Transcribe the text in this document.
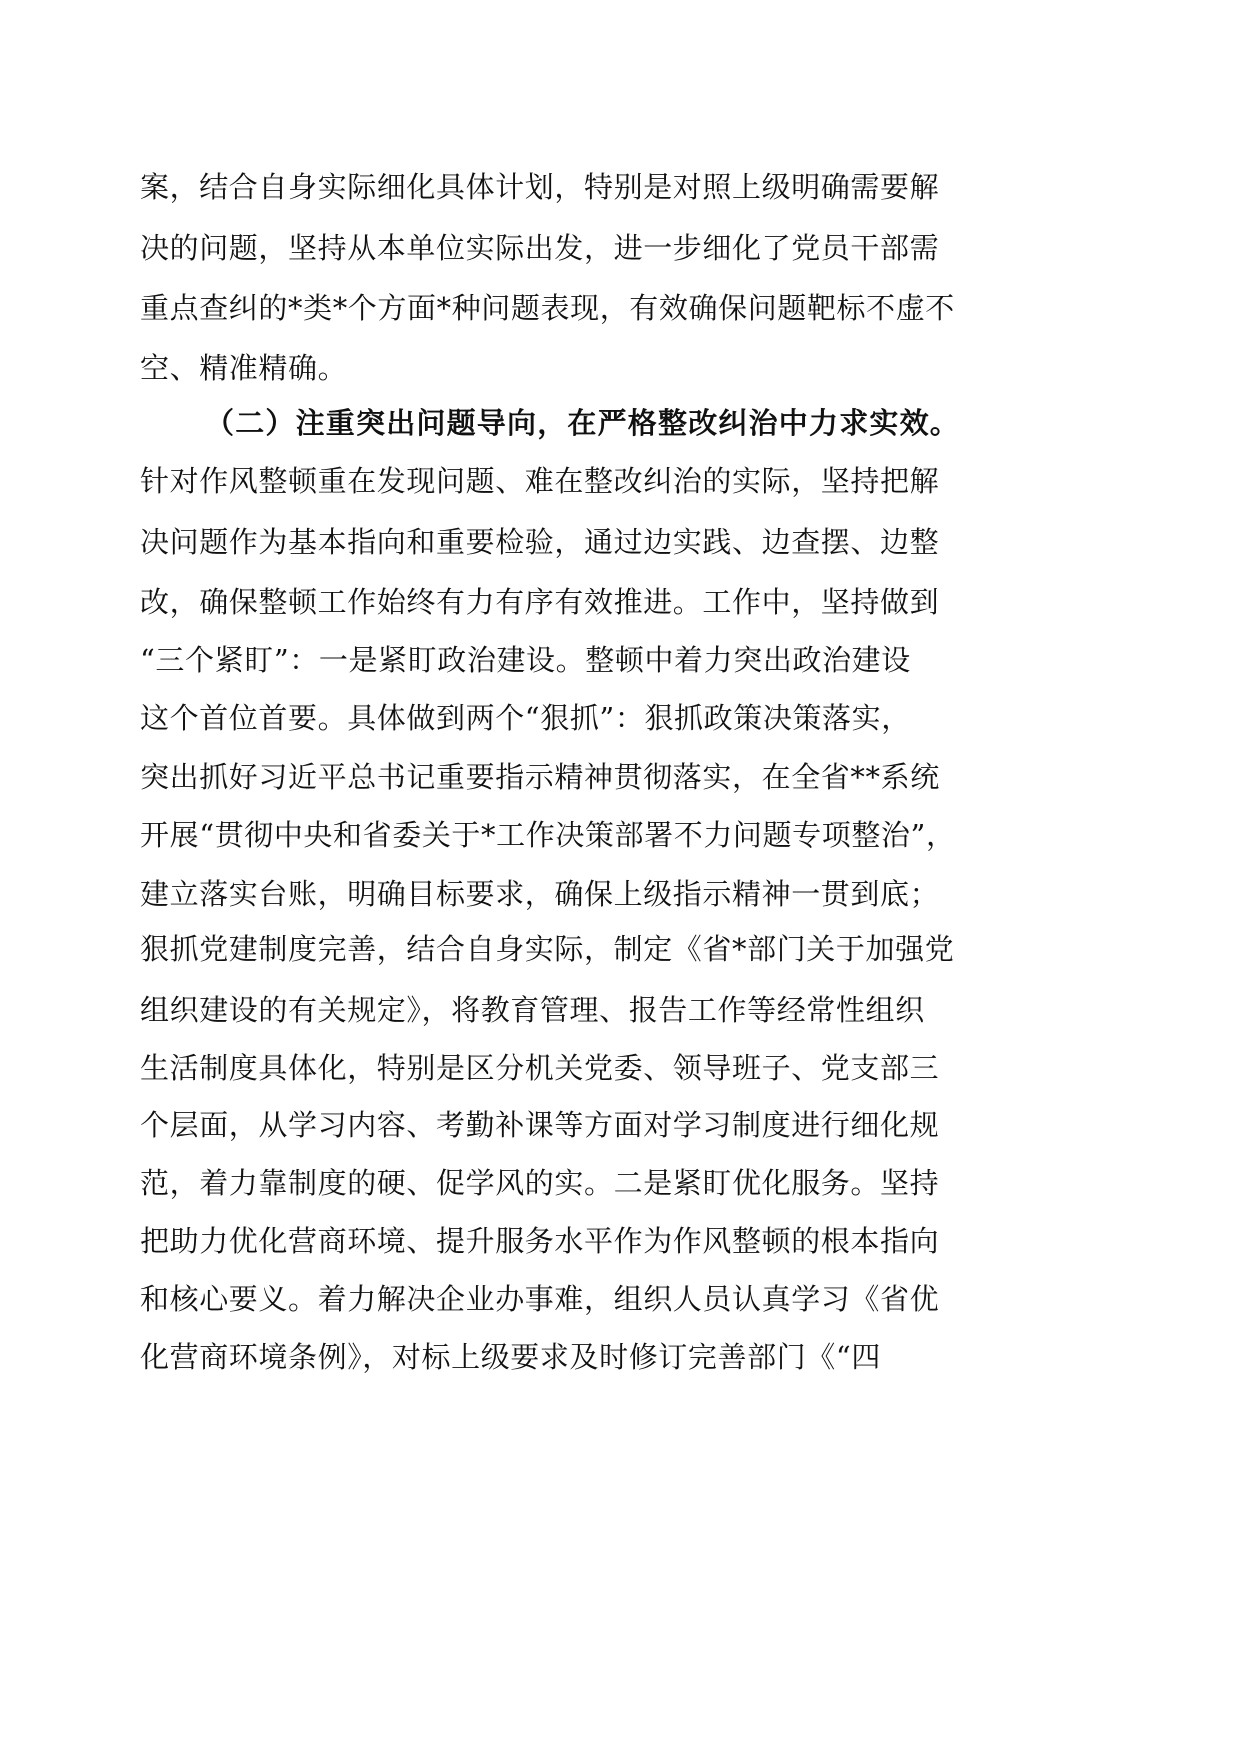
案，结合自身实际细化具体计划，特别是对照上级明确需要解
决的问题，坚持从本单位实际出发，进一步细化了党员干部需
重点查纠的*类*个方面*种问题表现，有效确保问题靶标不虚不
空、精准精确。
（二）注重突出问题导向，在严格整改纠治中力求实效。
针对作风整顿重在发现问题、难在整改纠治的实际，坚持把解
决问题作为基本指向和重要检验，通过边实践、边查摆、边整
改，确保整顿工作始终有力有序有效推进。工作中，坚持做到
“三个紧盯”：一是紧盯政治建设。整顿中着力突出政治建设
这个首位首要。具体做到两个“狠抓”：狠抓政策决策落实，
突出抓好习近平总书记重要指示精神贯彻落实，在全省**系统
开展“贯彻中央和省委关于*工作决策部署不力问题专项整治”，
建立落实台账，明确目标要求，确保上级指示精神一贯到底；
狠抓党建制度完善，结合自身实际，制定《省*部门关于加强党
组织建设的有关规定》，将教育管理、报告工作等经常性组织
生活制度具体化，特别是区分机关党委、领导班子、党支部三
个层面，从学习内容、考勤补课等方面对学习制度进行细化规
范，着力靠制度的硬、促学风的实。二是紧盯优化服务。坚持
把助力优化营商环境、提升服务水平作为作风整顿的根本指向
和核心要义。着力解决企业办事难，组织人员认真学习《省优
化营商环境条例》，对标上级要求及时修订完善部门《“四
